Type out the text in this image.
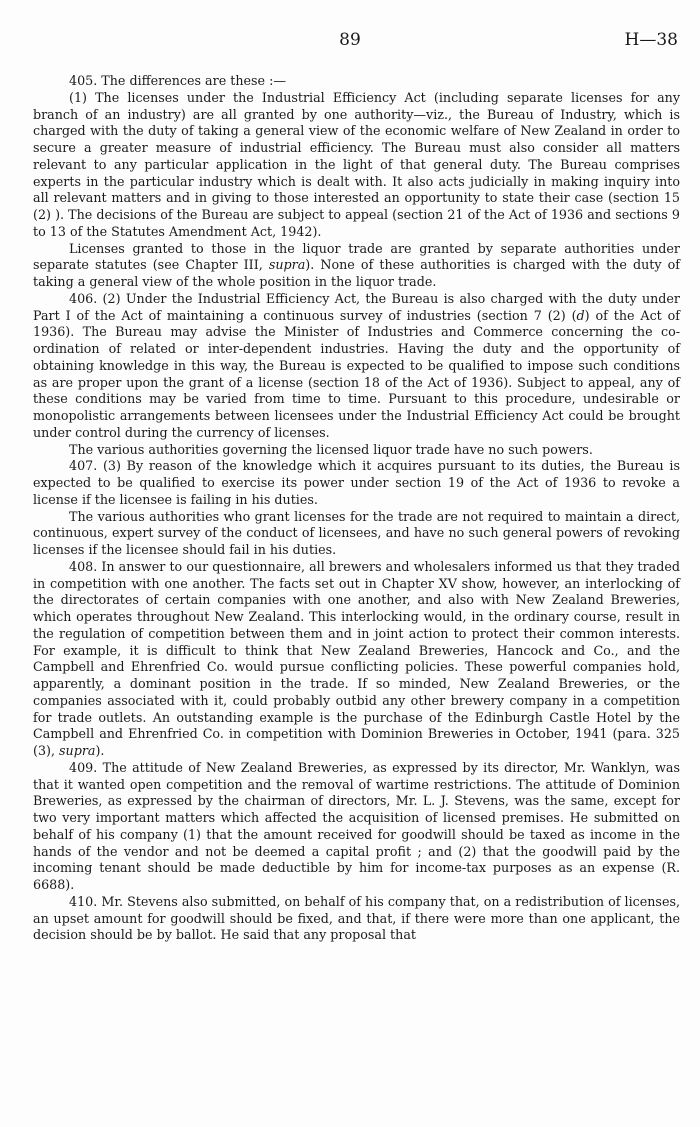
89	H—38

405. The differences are these :—

(1) The licenses under the Industrial Efficiency Act (including separate licenses for any branch of an industry) are all granted by one authority—viz., the Bureau of Industry, which is charged with the duty of taking a general view of the economic welfare of New Zealand in order to secure a greater measure of industrial efficiency. The Bureau must also consider all matters relevant to any particular application in the light of that general duty. The Bureau comprises experts in the particular industry which is dealt with. It also acts judicially in making inquiry into all relevant matters and in giving to those interested an opportunity to state their case (section 15 (2) ). The decisions of the Bureau are subject to appeal (section 21 of the Act of 1936 and sections 9 to 13 of the Statutes Amendment Act, 1942).

Licenses granted to those in the liquor trade are granted by separate authorities under separate statutes (see Chapter III, supra). None of these authorities is charged with the duty of taking a general view of the whole position in the liquor trade.

406. (2) Under the Industrial Efficiency Act, the Bureau is also charged with the duty under Part I of the Act of maintaining a continuous survey of industries (section 7 (2) (d) of the Act of 1936). The Bureau may advise the Minister of Industries and Commerce concerning the co-ordination of related or inter-dependent industries. Having the duty and the opportunity of obtaining knowledge in this way, the Bureau is expected to be qualified to impose such conditions as are proper upon the grant of a license (section 18 of the Act of 1936). Subject to appeal, any of these conditions may be varied from time to time. Pursuant to this procedure, undesirable or monopolistic arrangements between licensees under the Industrial Efficiency Act could be brought under control during the currency of licenses.

The various authorities governing the licensed liquor trade have no such powers.

407. (3) By reason of the knowledge which it acquires pursuant to its duties, the Bureau is expected to be qualified to exercise its power under section 19 of the Act of 1936 to revoke a license if the licensee is failing in his duties.

The various authorities who grant licenses for the trade are not required to maintain a direct, continuous, expert survey of the conduct of licensees, and have no such general powers of revoking licenses if the licensee should fail in his duties.

408. In answer to our questionnaire, all brewers and wholesalers informed us that they traded in competition with one another. The facts set out in Chapter XV show, however, an interlocking of the directorates of certain companies with one another, and also with New Zealand Breweries, which operates throughout New Zealand. This interlocking would, in the ordinary course, result in the regulation of competition between them and in joint action to protect their common interests. For example, it is difficult to think that New Zealand Breweries, Hancock and Co., and the Campbell and Ehrenfried Co. would pursue conflicting policies. These powerful companies hold, apparently, a dominant position in the trade. If so minded, New Zealand Breweries, or the companies associated with it, could probably outbid any other brewery company in a competition for trade outlets. An outstanding example is the purchase of the Edinburgh Castle Hotel by the Campbell and Ehrenfried Co. in competition with Dominion Breweries in October, 1941 (para. 325 (3), supra).

409. The attitude of New Zealand Breweries, as expressed by its director, Mr. Wanklyn, was that it wanted open competition and the removal of wartime restrictions. The attitude of Dominion Breweries, as expressed by the chairman of directors, Mr. L. J. Stevens, was the same, except for two very important matters which affected the acquisition of licensed premises. He submitted on behalf of his company (1) that the amount received for goodwill should be taxed as income in the hands of the vendor and not be deemed a capital profit ; and (2) that the goodwill paid by the incoming tenant should be made deductible by him for income-tax purposes as an expense (R. 6688).

410. Mr. Stevens also submitted, on behalf of his company that, on a redistribution of licenses, an upset amount for goodwill should be fixed, and that, if there were more than one applicant, the decision should be by ballot. He said that any proposal that
